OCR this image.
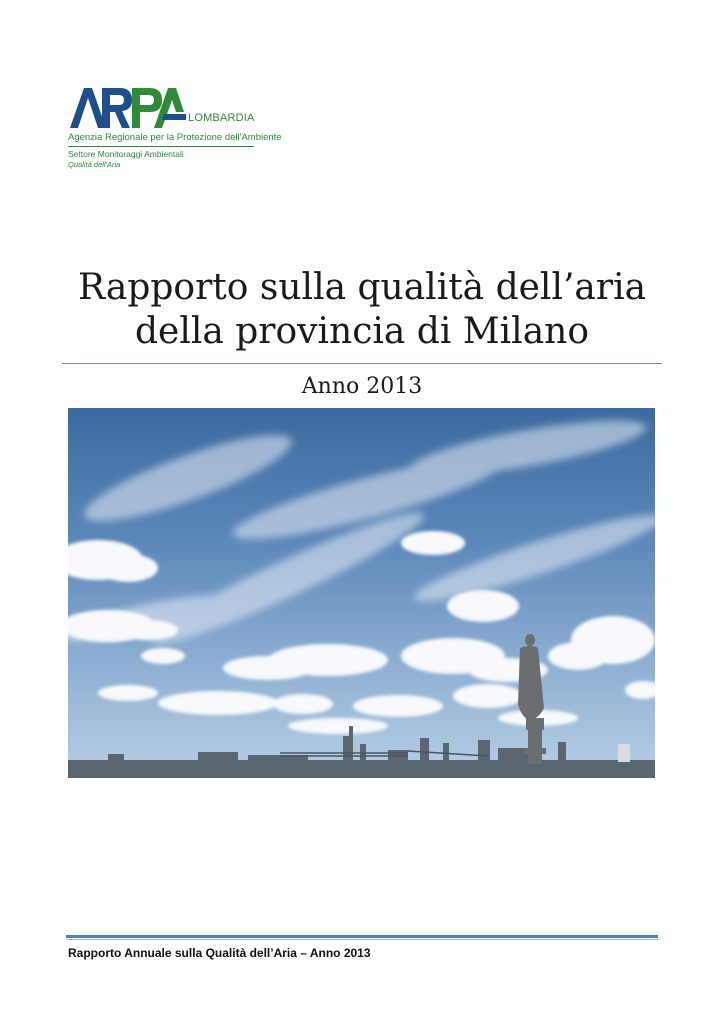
LOMBARDIA
Agenzia Regionale per la Protezione dell'Ambiente
Settore Monitoraggi Ambientali
Qualità dell'Aria
Rapporto sulla qualità dell’aria
della provincia di Milano
Anno 2013
Rapporto Annuale sulla Qualità dell’Aria – Anno 2013
